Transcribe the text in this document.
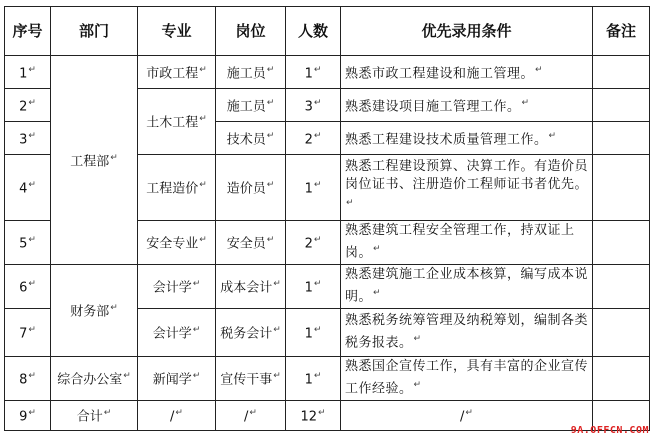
序号	部门	专业	岗位	人数	优先录用条件	备注
1↵	工程部↵	市政工程↵	施工员↵	1↵	熟悉市政工程建设和施工管理。↵	
2↵		土木工程↵	施工员↵	3↵	熟悉建设项目施工管理工作。↵	
3↵			技术员↵	2↵	熟悉工程建设技术质量管理工作。↵	
4↵		工程造价↵	造价员↵	1↵	熟悉工程建设预算、决算工作。有造价员岗位证书、注册造价工程师证书者优先。↵	
5↵		安全专业↵	安全员↵	2↵	熟悉建筑工程安全管理工作，持双证上岗。↵	
6↵	财务部↵	会计学↵	成本会计↵	1↵	熟悉建筑施工企业成本核算，编写成本说明。↵	
7↵		会计学↵	税务会计↵	1↵	熟悉税务统筹管理及纳税筹划，编制各类税务报表。↵	
8↵	综合办公室↵	新闻学↵	宣传干事↵	1↵	熟悉国企宣传工作，具有丰富的企业宣传工作经验。↵	
9↵	合计↵	/↵	/↵	12↵	/↵	
9A.OFFCN.COM
